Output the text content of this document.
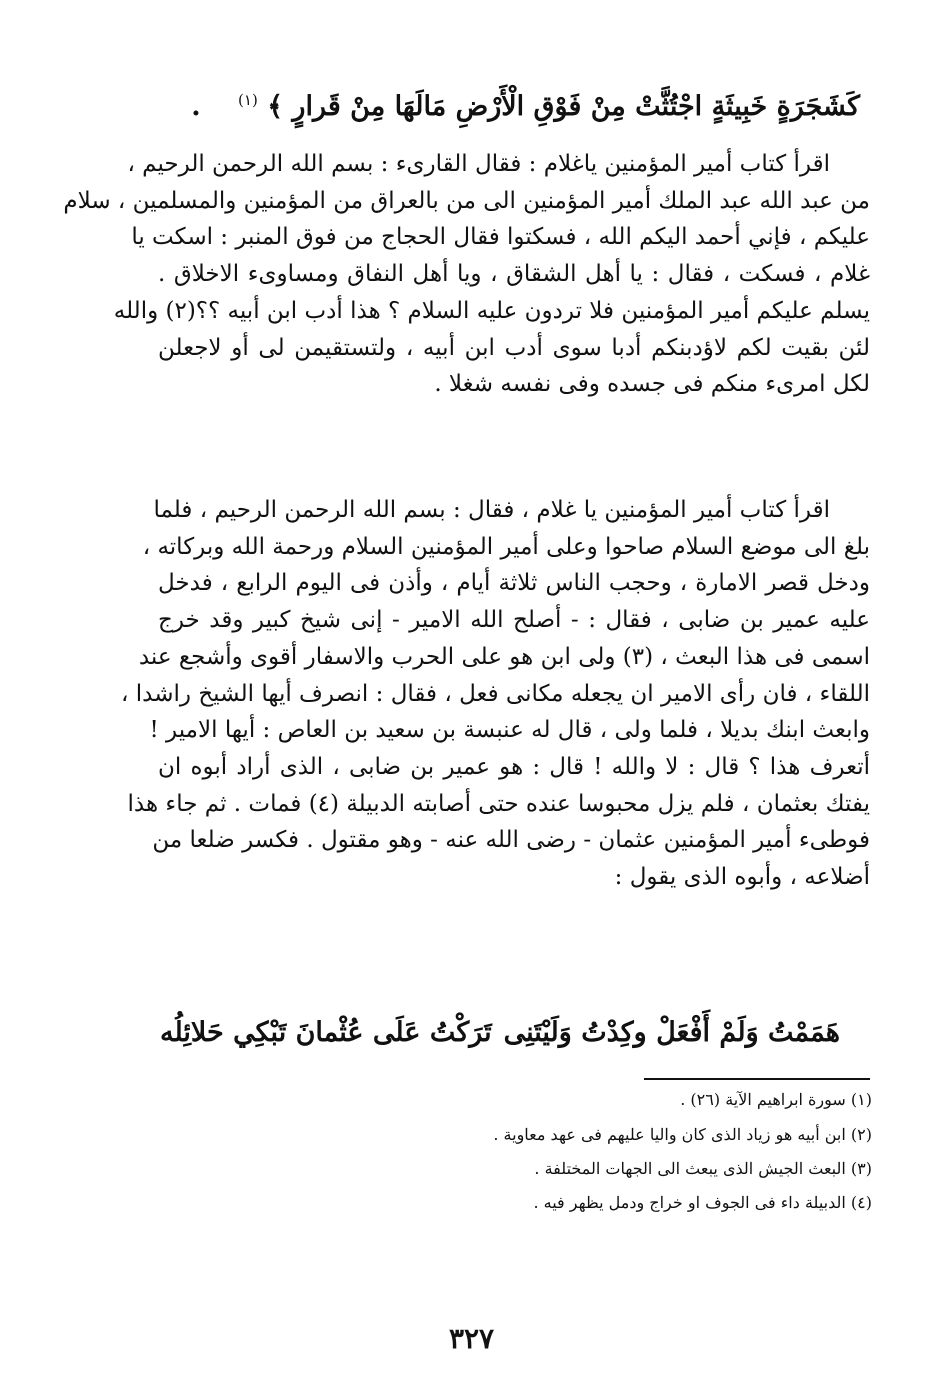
كَشَجَرَةٍ خَبِيثَةٍ اجْتُثَّتْ مِنْ فَوْقِ الْأَرْضِ مَالَهَا مِنْ قَرارٍ ﴾ $^{(١)}$ .
اقرأ كتاب أمير المؤمنين ياغلام : فقال القارىء : بسم الله الرحمن الرحيم ،
من عبد الله عبد الملك أمير المؤمنين الى من بالعراق من المؤمنين والمسلمين ، سلام
عليكم ، فإني أحمد اليكم الله ، فسكتوا فقال الحجاج من فوق المنبر : اسكت يا
غلام ، فسكت ، فقال : يا أهل الشقاق ، ويا أهل النفاق ومساوىء الاخلاق .
يسلم عليكم أمير المؤمنين فلا تردون عليه السلام ؟ هذا أدب ابن أبيه ؟؟(٢) والله
لئن بقيت لكم لاؤدبنكم أدبا سوى أدب ابن أبيه ، ولتستقيمن لى أو لاجعلن
لكل امرىء منكم فى جسده وفى نفسه شغلا .
اقرأ كتاب أمير المؤمنين يا غلام ، فقال : بسم الله الرحمن الرحيم ، فلما
بلغ الى موضع السلام صاحوا وعلى أمير المؤمنين السلام ورحمة الله وبركاته ،
ودخل قصر الامارة ، وحجب الناس ثلاثة أيام ، وأذن فى اليوم الرابع ، فدخل
عليه عمير بن ضابى ، فقال : - أصلح الله الامير - إنى شيخ كبير وقد خرج
اسمى فى هذا البعث ، (٣) ولى ابن هو على الحرب والاسفار أقوى وأشجع عند
اللقاء ، فان رأى الامير ان يجعله مكانى فعل ، فقال : انصرف أيها الشيخ راشدا ،
وابعث ابنك بديلا ، فلما ولى ، قال له عنبسة بن سعيد بن العاص : أيها الامير !
أتعرف هذا ؟ قال : لا والله ! قال : هو عمير بن ضابى ، الذى أراد أبوه ان
يفتك بعثمان ، فلم يزل محبوسا عنده حتى أصابته الدبيلة (٤) فمات . ثم جاء هذا
فوطىء أمير المؤمنين عثمان - رضى الله عنه - وهو مقتول . فكسر ضلعا من
أضلاعه ، وأبوه الذى يقول :
هَمَمْتُ وَلَمْ أَفْعَلْ وكِدْتُ وَلَيْتَنِى
تَرَكْتُ عَلَى عُثْمانَ تَبْكِي حَلائِلُه
(١) سورة ابراهيم الآية (٢٦) .
(٢) ابن أبيه هو زياد الذى كان واليا عليهم فى عهد معاوية .
(٣) البعث الجيش الذى يبعث الى الجهات المختلفة .
(٤) الدبيلة داء فى الجوف او خراج ودمل يظهر فيه .
٣٢٧
